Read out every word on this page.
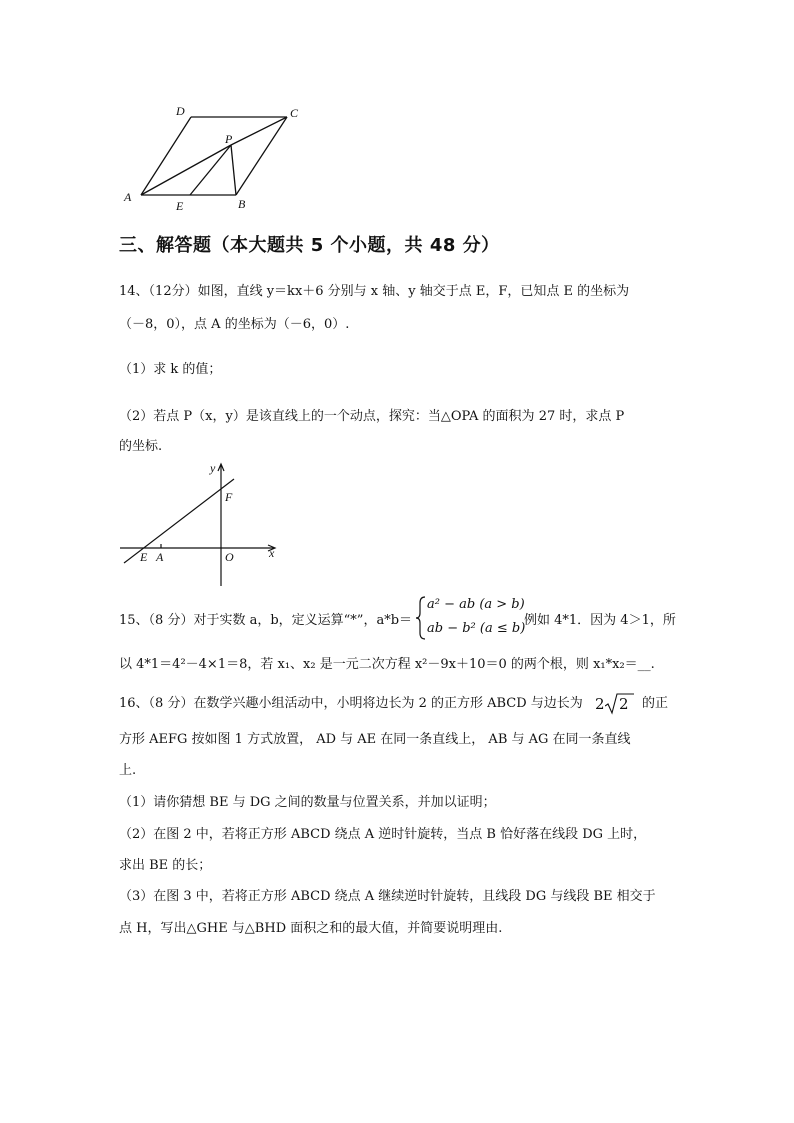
D	C
P
A
E	B
三、解答题（本大题共 5 个小题，共 48 分）
14、（12分）如图，直线 y＝kx＋6 分别与 x 轴、y 轴交于点 E，F，已知点 E 的坐标为
（－8，0），点 A 的坐标为（－6，0）.
（1）求 k 的值；
（2）若点 P（x，y）是该直线上的一个动点，探究：当△OPA 的面积为 27 时，求点 P
的坐标.
y
F
E A	O	x
15、（8 分）对于实数 a，b，定义运算“*”，a*b＝
a² − ab (a > b)
ab − b² (a ≤ b)
例如 4*1．因为 4＞1，所
以 4*1＝4²－4×1＝8，若 x₁、x₂ 是一元二次方程 x²－9x＋10＝0 的两个根，则 x₁*x₂＝__.
16、（8 分）在数学兴趣小组活动中，小明将边长为 2 的正方形 ABCD 与边长为 2 2 的正
方形 AEFG 按如图 1 方式放置， AD 与 AE 在同一条直线上， AB 与 AG 在同一条直线
上.
（1）请你猜想 BE 与 DG 之间的数量与位置关系，并加以证明；
（2）在图 2 中，若将正方形 ABCD 绕点 A 逆时针旋转，当点 B 恰好落在线段 DG 上时，
求出 BE 的长；
（3）在图 3 中，若将正方形 ABCD 绕点 A 继续逆时针旋转，且线段 DG 与线段 BE 相交于
点 H，写出△GHE 与△BHD 面积之和的最大值，并简要说明理由.
